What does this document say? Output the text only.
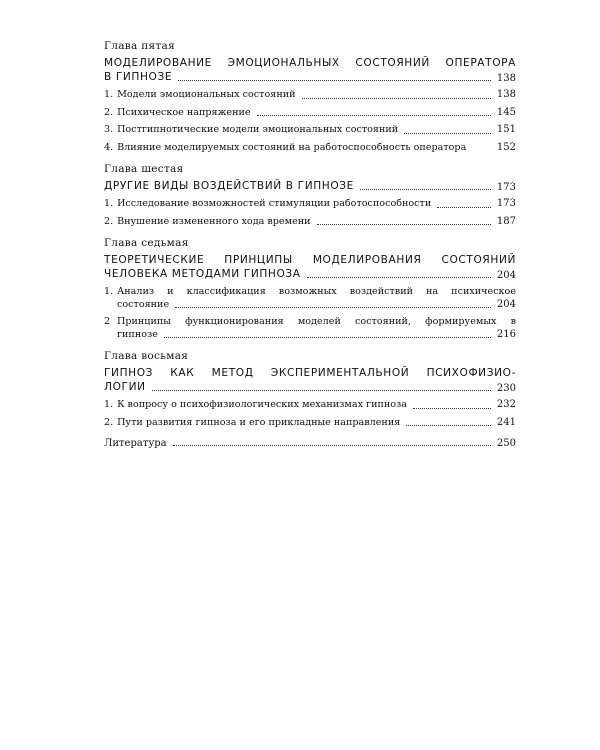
Глава пятая
МОДЕЛИРОВАНИЕ ЭМОЦИОНАЛЬНЫХ СОСТОЯНИЙ ОПЕРАТОРА
В ГИПНОЗЕ	138
1. Модели эмоциональных состояний	138
2. Психическое напряжение	145
3. Постгипнотические модели эмоциональных состояний	151
4. Влияние моделируемых состояний на работоспособность оператора	152
Глава шестая
ДРУГИЕ ВИДЫ ВОЗДЕЙСТВИЙ В ГИПНОЗЕ	173
1. Исследование возможностей стимуляции работоспособности	173
2. Внушение измененного хода времени	187
Глава седьмая
ТЕОРЕТИЧЕСКИЕ ПРИНЦИПЫ МОДЕЛИРОВАНИЯ СОСТОЯНИЙ
ЧЕЛОВЕКА МЕТОДАМИ ГИПНОЗА	204
1. Анализ и классификация возможных воздействий на психическое
состояние	204
2 Принципы функционирования моделей состояний, формируемых в
гипнозе	216
Глава восьмая
ГИПНОЗ КАК МЕТОД ЭКСПЕРИМЕНТАЛЬНОЙ ПСИХОФИЗИО-
ЛОГИИ	230
1. К вопросу о психофизиологических механизмах гипноза	232
2. Пути развития гипноза и его прикладные направления	241
Литература	250
